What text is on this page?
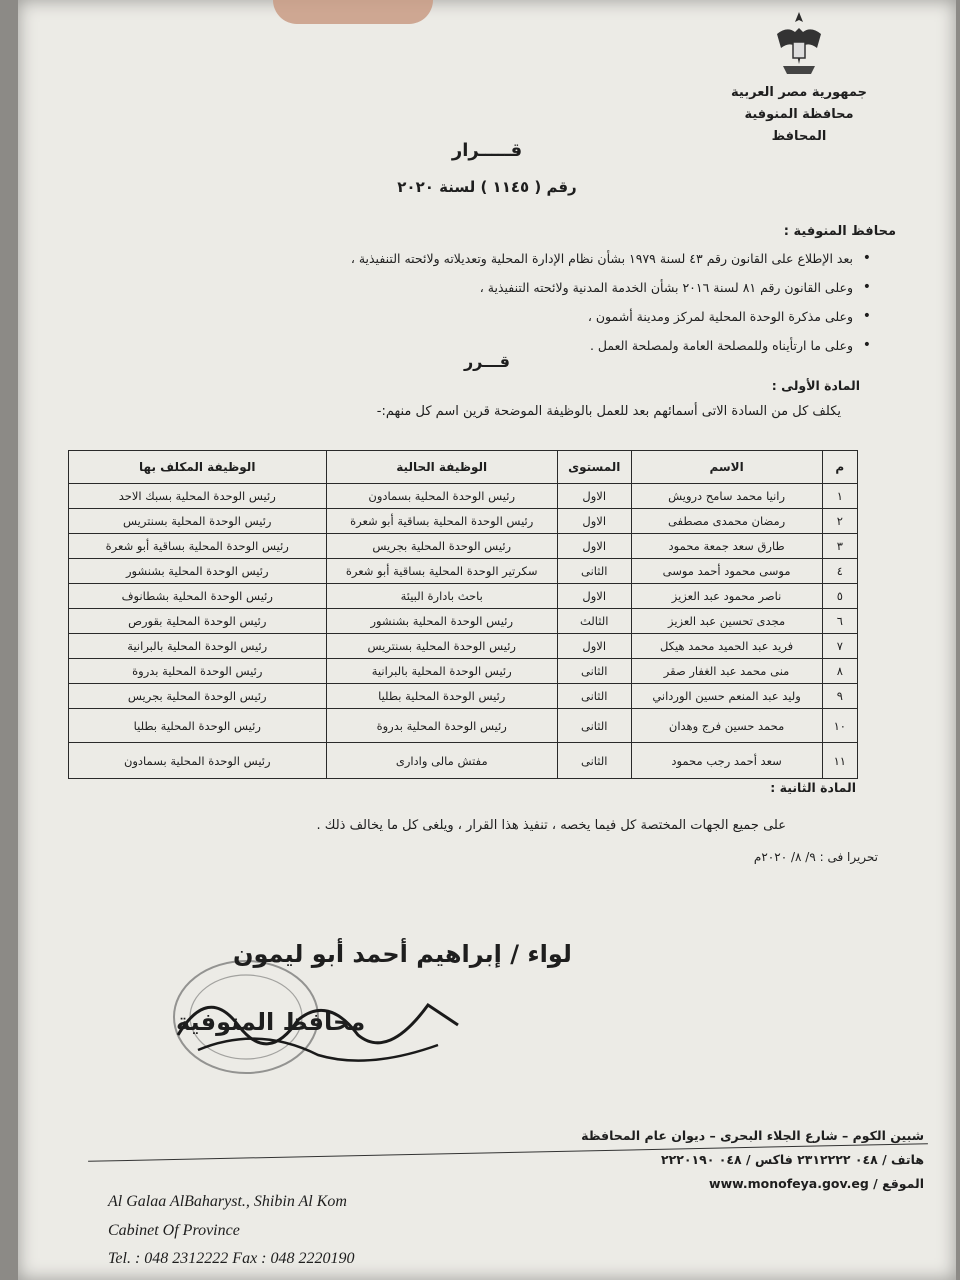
جمهورية مصر العربية
محافظة المنوفية
المحافظ
قـــــرار
رقم ( ١١٤٥ ) لسنة ٢٠٢٠
محافظ المنوفية :
• بعد الإطلاع على القانون رقم ٤٣ لسنة ١٩٧٩ بشأن نظام الإدارة المحلية وتعديلاته ولائحته التنفيذية ،
• وعلى القانون رقم ٨١ لسنة ٢٠١٦ بشأن الخدمة المدنية ولائحته التنفيذية ،
• وعلى مذكرة الوحدة المحلية لمركز ومدينة أشمون ،
• وعلى ما ارتأيناه وللمصلحة العامة ولمصلحة العمل .
قـــرر
المادة الأولى :
يكلف كل من السادة الاتى أسمائهم بعد للعمل بالوظيفة الموضحة قرين اسم كل منهم:-
م	الاسم	المستوى	الوظيفة الحالية	الوظيفة المكلف بها
١	رانيا محمد سامح درويش	الاول	رئيس الوحدة المحلية بسمادون	رئيس الوحدة المحلية بسبك الاحد
٢	رمضان محمدى مصطفى	الاول	رئيس الوحدة المحلية بساقية أبو شعرة	رئيس الوحدة المحلية بسنتريس
٣	طارق سعد جمعة محمود	الاول	رئيس الوحدة المحلية بجريس	رئيس الوحدة المحلية بساقية أبو شعرة
٤	موسى محمود أحمد موسى	الثانى	سكرتير الوحدة المحلية بساقية أبو شعرة	رئيس الوحدة المحلية بشنشور
٥	ناصر محمود عبد العزيز	الاول	باحث بادارة البيئة	رئيس الوحدة المحلية بشطانوف
٦	مجدى تحسين عبد العزيز	الثالث	رئيس الوحدة المحلية بشنشور	رئيس الوحدة المحلية بقورص
٧	فريد عبد الحميد محمد هيكل	الاول	رئيس الوحدة المحلية بسنتريس	رئيس الوحدة المحلية بالبرانية
٨	منى محمد عبد الغفار صقر	الثانى	رئيس الوحدة المحلية بالبرانية	رئيس الوحدة المحلية بدروة
٩	وليد عبد المنعم حسين الورداني	الثانى	رئيس الوحدة المحلية بطليا	رئيس الوحدة المحلية بجريس
١٠	محمد حسين فرج وهدان	الثانى	رئيس الوحدة المحلية بدروة	رئيس الوحدة المحلية بطليا
١١	سعد أحمد رجب محمود	الثانى	مفتش مالى وادارى	رئيس الوحدة المحلية بسمادون
المادة الثانية :
على جميع الجهات المختصة كل فيما يخصه ، تنفيذ هذا القرار ، ويلغى كل ما يخالف ذلك .
تحريرا فى : ٩/ ٨/ ٢٠٢٠م
لواء / إبراهيم أحمد أبو ليمون
محافظ المنوفية
شبين الكوم – شارع الجلاء البحرى – ديوان عام المحافظة
هاتف / ٠٤٨ ٢٣١٢٢٢٢ فاكس / ٠٤٨ ٢٢٢٠١٩٠
الموقع / www.monofeya.gov.eg
Al Galaa AlBaharyst., Shibin Al Kom
Cabinet Of Province
Tel. : 048 2312222 Fax : 048 2220190
